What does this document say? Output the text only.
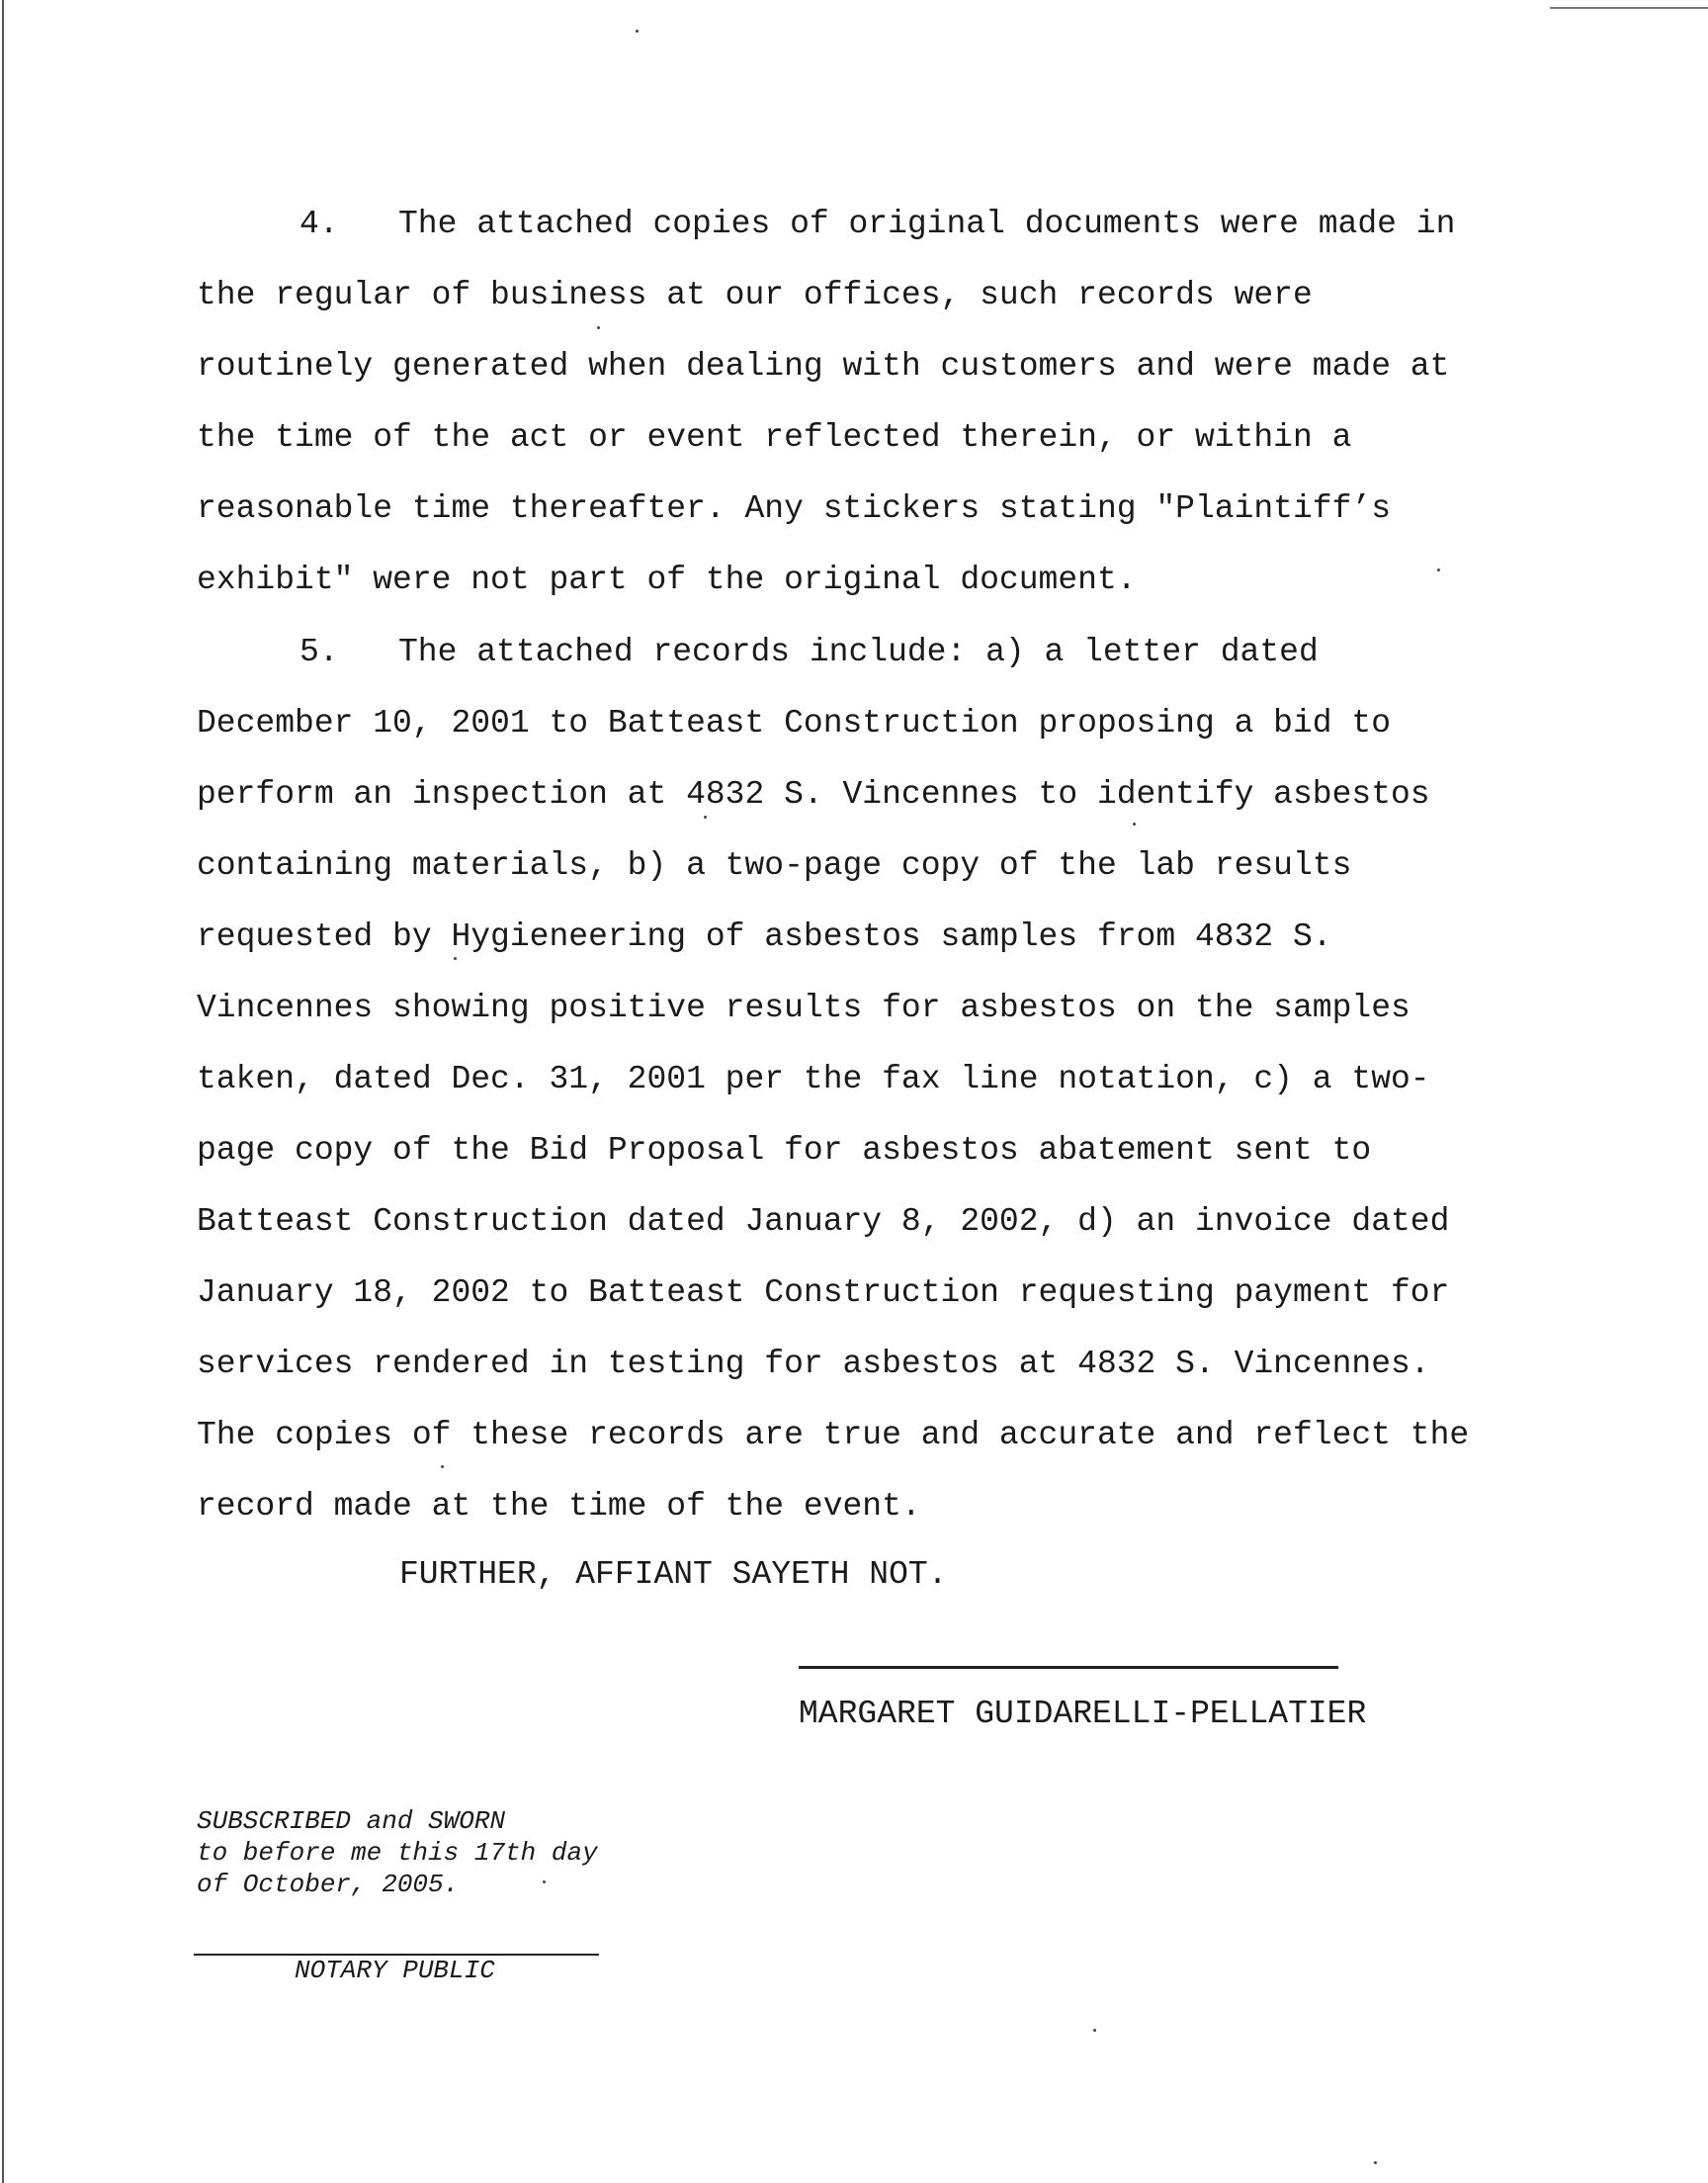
4. The attached copies of original documents were made in
the regular of business at our offices, such records were
routinely generated when dealing with customers and were made at
the time of the act or event reflected therein, or within a
reasonable time thereafter. Any stickers stating "Plaintiff’s
exhibit" were not part of the original document.
5. The attached records include: a) a letter dated
December 10, 2001 to Batteast Construction proposing a bid to
perform an inspection at 4832 S. Vincennes to identify asbestos
containing materials, b) a two-page copy of the lab results
requested by Hygieneering of asbestos samples from 4832 S.
Vincennes showing positive results for asbestos on the samples
taken, dated Dec. 31, 2001 per the fax line notation, c) a two-
page copy of the Bid Proposal for asbestos abatement sent to
Batteast Construction dated January 8, 2002, d) an invoice dated
January 18, 2002 to Batteast Construction requesting payment for
services rendered in testing for asbestos at 4832 S. Vincennes.
The copies of these records are true and accurate and reflect the
record made at the time of the event.
FURTHER, AFFIANT SAYETH NOT.
MARGARET GUIDARELLI-PELLATIER
SUBSCRIBED and SWORN
to before me this 17th day
of October, 2005.
NOTARY PUBLIC
